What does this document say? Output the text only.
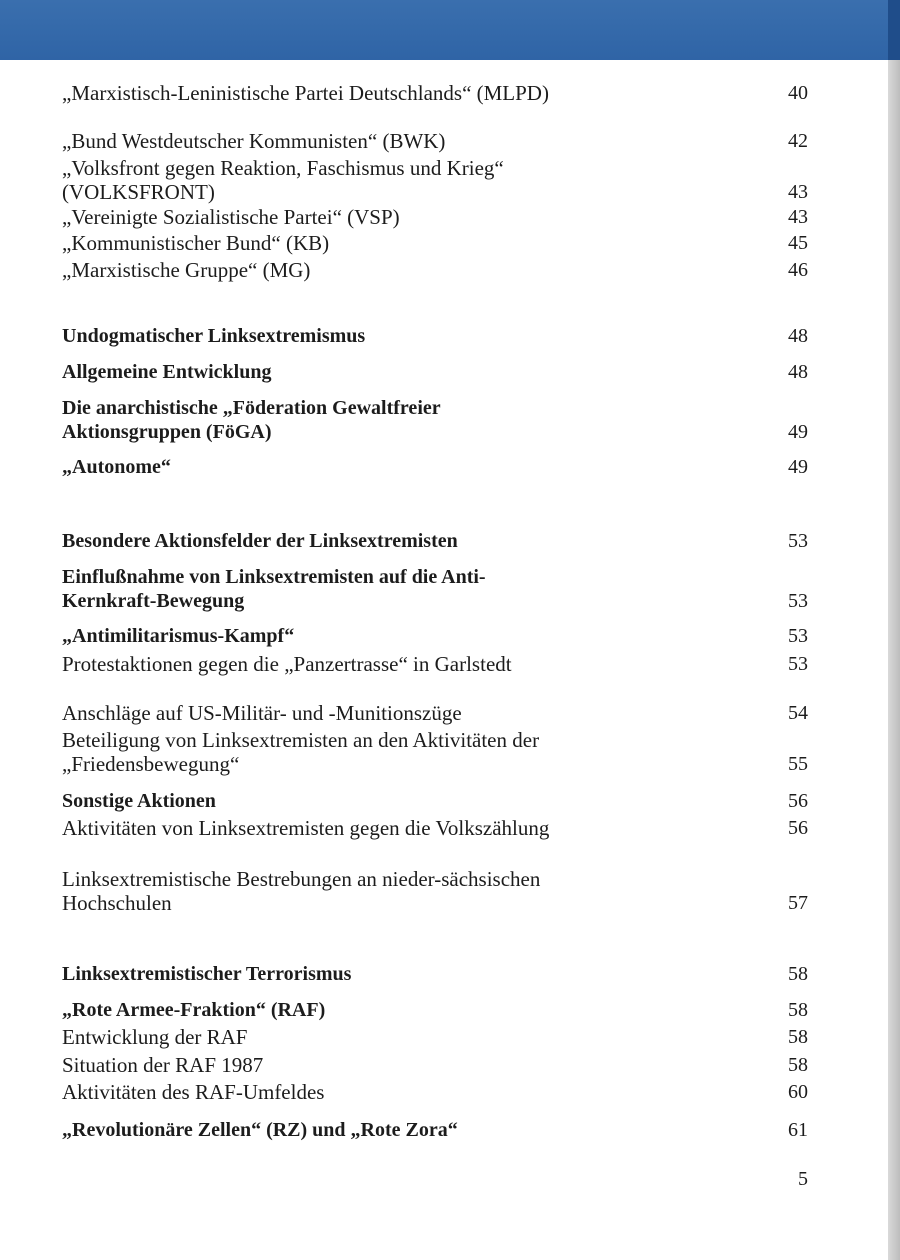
„Marxistisch-Leninistische Partei Deutschlands“ (MLPD)	40
„Bund Westdeutscher Kommunisten“ (BWK)	42
„Volksfront gegen Reaktion, Faschismus und Krieg“ (VOLKSFRONT)	43
„Vereinigte Sozialistische Partei“ (VSP)	43
„Kommunistischer Bund“ (KB)	45
„Marxistische Gruppe“ (MG)	46
Undogmatischer Linksextremismus	48
Allgemeine Entwicklung	48
Die anarchistische „Föderation Gewaltfreier Aktionsgruppen (FöGA)	49
„Autonome“	49
Besondere Aktionsfelder der Linksextremisten	53
Einflußnahme von Linksextremisten auf die Anti-Kernkraft-Bewegung	53
„Antimilitarismus-Kampf“	53
Protestaktionen gegen die „Panzertrasse“ in Garlstedt	53
Anschläge auf US-Militär- und -Munitionszüge	54
Beteiligung von Linksextremisten an den Aktivitäten der „Friedensbewegung“	55
Sonstige Aktionen	56
Aktivitäten von Linksextremisten gegen die Volkszählung	56
Linksextremistische Bestrebungen an nieder-sächsischen Hochschulen	57
Linksextremistischer Terrorismus	58
„Rote Armee-Fraktion“ (RAF)	58
Entwicklung der RAF	58
Situation der RAF 1987	58
Aktivitäten des RAF-Umfeldes	60
„Revolutionäre Zellen“ (RZ) und „Rote Zora“	61
5
